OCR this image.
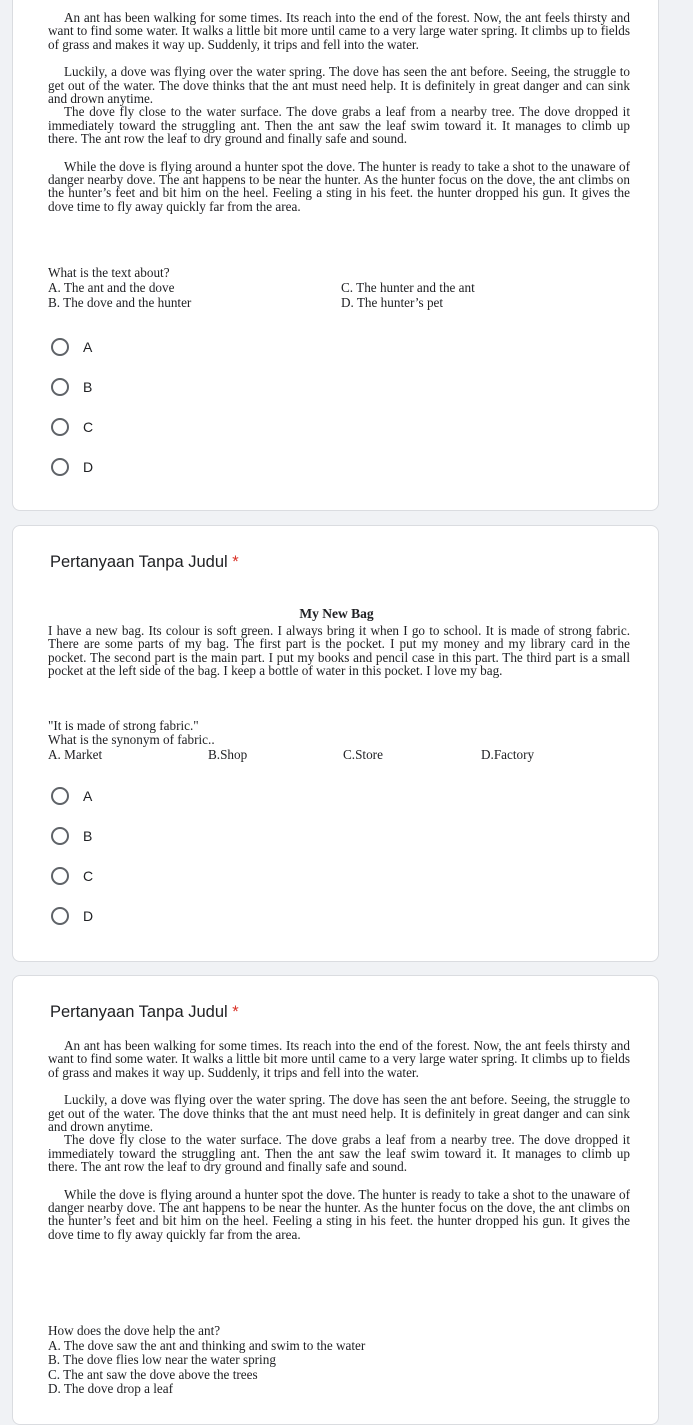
An ant has been walking for some times. Its reach into the end of the forest. Now, the ant feels thirsty and want to find some water. It walks a little bit more until came to a very large water spring. It climbs up to fields of grass and makes it way up. Suddenly, it trips and fell into the water.

Luckily, a dove was flying over the water spring. The dove has seen the ant before. Seeing, the struggle to get out of the water. The dove thinks that the ant must need help. It is definitely in great danger and can sink and drown anytime.

The dove fly close to the water surface. The dove grabs a leaf from a nearby tree. The dove dropped it immediately toward the struggling ant. Then the ant saw the leaf swim toward it. It manages to climb up there. The ant row the leaf to dry ground and finally safe and sound.

While the dove is flying around a hunter spot the dove. The hunter is ready to take a shot to the unaware of danger nearby dove. The ant happens to be near the hunter. As the hunter focus on the dove, the ant climbs on the hunter’s feet and bit him on the heel. Feeling a sting in his feet. the hunter dropped his gun. It gives the dove time to fly away quickly far from the area.

What is the text about?
A. The ant and the dove	C. The hunter and the ant
B. The dove and the hunter	D. The hunter’s pet
A
B
C
D
Pertanyaan Tanpa Judul *
My New Bag
I have a new bag. Its colour is soft green. I always bring it when I go to school. It is made of strong fabric. There are some parts of my bag. The first part is the pocket. I put my money and my library card in the pocket. The second part is the main part. I put my books and pencil case in this part. The third part is a small pocket at the left side of the bag. I keep a bottle of water in this pocket. I love my bag.
"It is made of strong fabric."
What is the synonym of fabric..
A. Market	B.Shop	C.Store	D.Factory
A
B
C
D
Pertanyaan Tanpa Judul *

An ant has been walking for some times. Its reach into the end of the forest. Now, the ant feels thirsty and want to find some water. It walks a little bit more until came to a very large water spring. It climbs up to fields of grass and makes it way up. Suddenly, it trips and fell into the water.

Luckily, a dove was flying over the water spring. The dove has seen the ant before. Seeing, the struggle to get out of the water. The dove thinks that the ant must need help. It is definitely in great danger and can sink and drown anytime.

The dove fly close to the water surface. The dove grabs a leaf from a nearby tree. The dove dropped it immediately toward the struggling ant. Then the ant saw the leaf swim toward it. It manages to climb up there. The ant row the leaf to dry ground and finally safe and sound.

While the dove is flying around a hunter spot the dove. The hunter is ready to take a shot to the unaware of danger nearby dove. The ant happens to be near the hunter. As the hunter focus on the dove, the ant climbs on the hunter’s feet and bit him on the heel. Feeling a sting in his feet. the hunter dropped his gun. It gives the dove time to fly away quickly far from the area.

How does the dove help the ant?
A. The dove saw the ant and thinking and swim to the water
B. The dove flies low near the water spring
C. The ant saw the dove above the trees
D. The dove drop a leaf
